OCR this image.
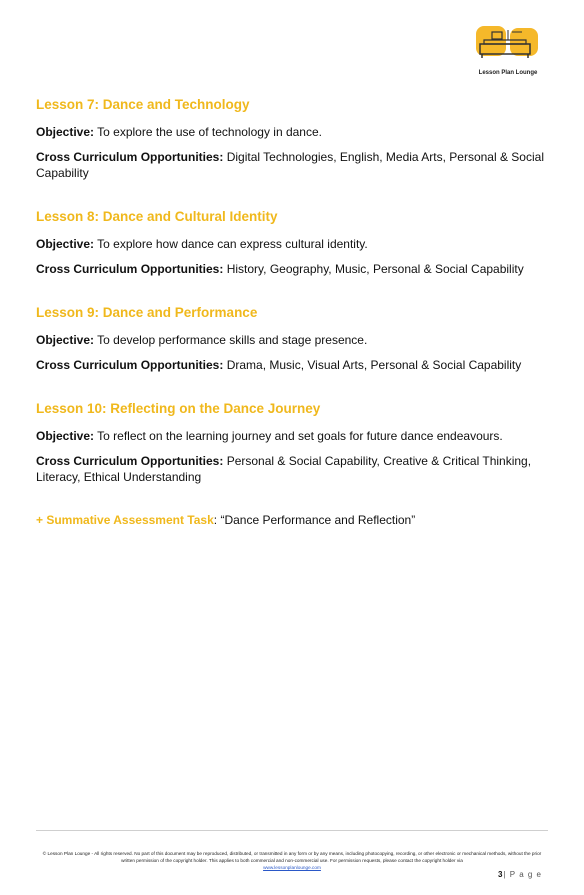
Lesson Plan Lounge

Lesson 7: Dance and Technology

Objective: To explore the use of technology in dance.

Cross Curriculum Opportunities: Digital Technologies, English, Media Arts, Personal & Social Capability

Lesson 8: Dance and Cultural Identity

Objective: To explore how dance can express cultural identity.

Cross Curriculum Opportunities: History, Geography, Music, Personal & Social Capability

Lesson 9: Dance and Performance

Objective: To develop performance skills and stage presence.

Cross Curriculum Opportunities: Drama, Music, Visual Arts, Personal & Social Capability

Lesson 10: Reflecting on the Dance Journey

Objective: To reflect on the learning journey and set goals for future dance endeavours.

Cross Curriculum Opportunities: Personal & Social Capability, Creative & Critical Thinking, Literacy, Ethical Understanding

+ Summative Assessment Task: “Dance Performance and Reflection”

© Lesson Plan Lounge - All rights reserved. No part of this document may be reproduced, distributed, or transmitted in any form or by any means, including photocopying, recording, or other electronic or mechanical methods, without the prior written permission of the copyright holder. This applies to both commercial and non-commercial use. For permission requests, please contact the copyright holder via
www.lessonplanlounge.com
3| P a g e
